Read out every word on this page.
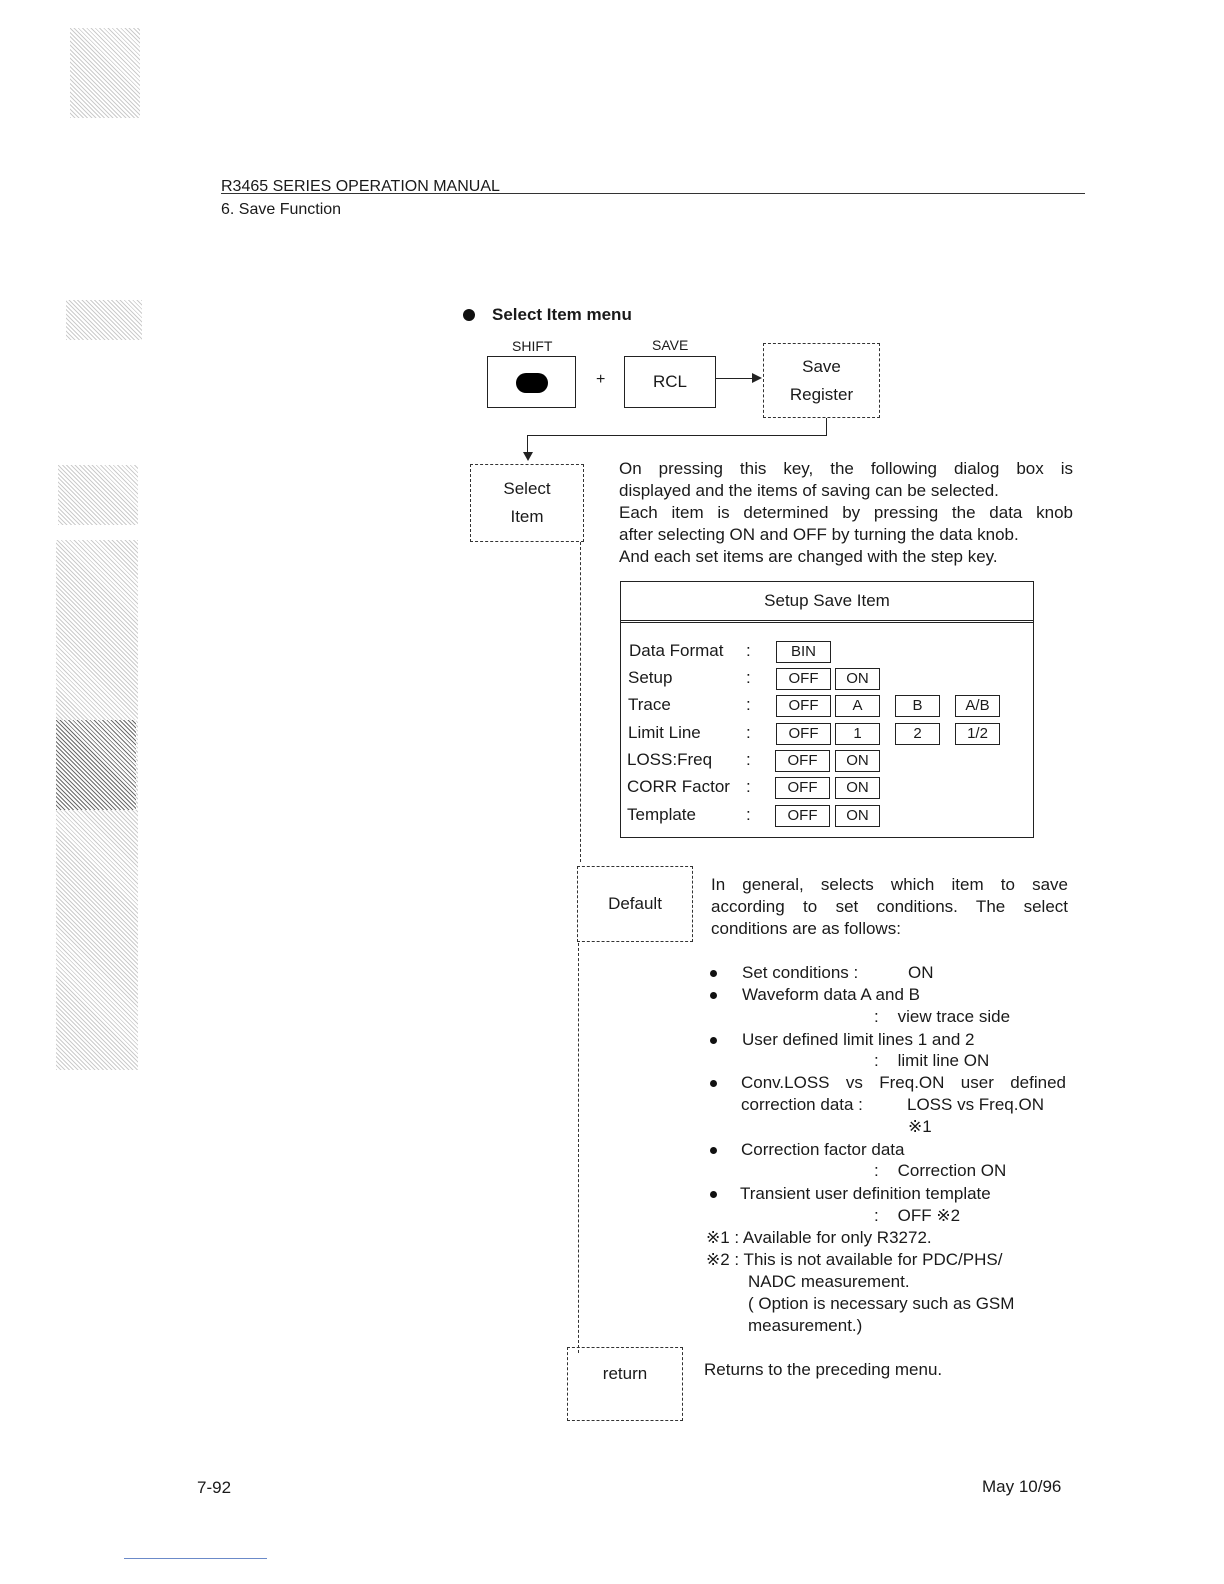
R3465 SERIES OPERATION MANUAL
6. Save Function
Select Item menu
SHIFT	SAVE
+	RCL
Save
Register
Select
Item
On pressing this key, the following dialog box is
displayed and the items of saving can be selected.
Each item is determined by pressing the data knob
after selecting ON and OFF by turning the data knob.
And each set items are changed with the step key.
Setup Save Item
Data Format :	BIN
Setup	:	OFF	ON
Trace	:	OFF	A	B	A/B
Limit Line	:	OFF	1	2	1/2
LOSS:Freq :	OFF	ON
CORR Factor :	OFF	ON
Template	:	OFF	ON
Default
In general, selects which item to save
according to set conditions. The select
conditions are as follows:
Set conditions :	ON
Waveform data A and B
:    view trace side
User defined limit lines 1 and 2
:    limit line ON
Conv.LOSS vs Freq.ON user defined
correction data :	LOSS vs Freq.ON
※1
Correction factor data
:    Correction ON
Transient user definition template
:    OFF ※2
※1 : Available for only R3272.
※2 : This is not available for PDC/PHS/
NADC measurement.
( Option is necessary such as GSM
measurement.)
return	Returns to the preceding menu.
7-92	May 10/96
